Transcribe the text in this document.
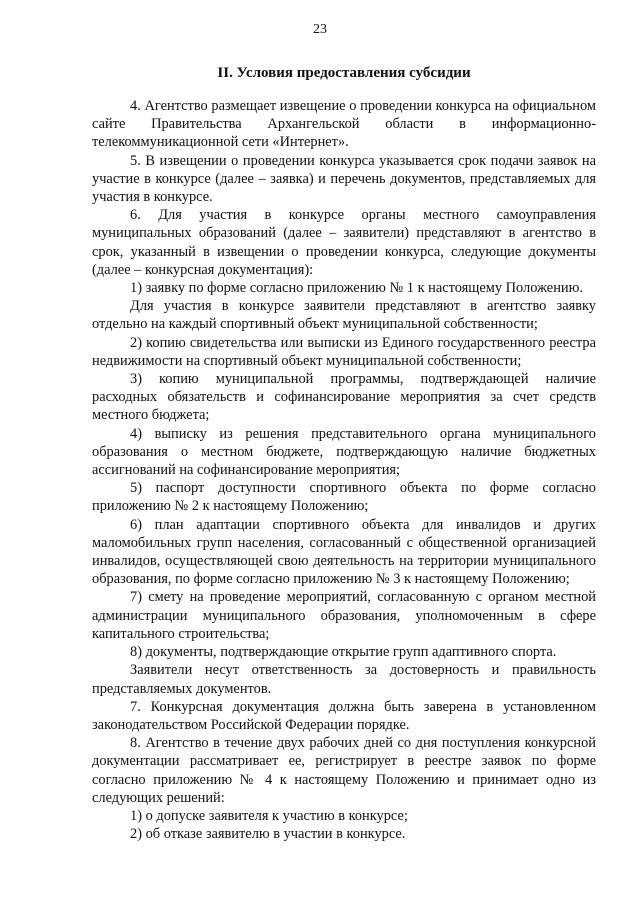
23
II. Условия предоставления субсидии

4. Агентство размещает извещение о проведении конкурса на официальном сайте Правительства Архангельской области в информационно-телекоммуникационной сети «Интернет».

5. В извещении о проведении конкурса указывается срок подачи заявок на участие в конкурсе (далее – заявка) и перечень документов, представляемых для участия в конкурсе.

6. Для участия в конкурсе органы местного самоуправления муниципальных образований (далее – заявители) представляют в агентство в срок, указанный в извещении о проведении конкурса, следующие документы (далее – конкурсная документация):

1) заявку по форме согласно приложению № 1 к настоящему Положению.

Для участия в конкурсе заявители представляют в агентство заявку отдельно на каждый спортивный объект муниципальной собственности;

2) копию свидетельства или выписки из Единого государственного реестра недвижимости на спортивный объект муниципальной собственности;

3) копию муниципальной программы, подтверждающей наличие расходных обязательств и софинансирование мероприятия за счет средств местного бюджета;

4) выписку из решения представительного органа муниципального образования о местном бюджете, подтверждающую наличие бюджетных ассигнований на софинансирование мероприятия;

5) паспорт доступности спортивного объекта по форме согласно приложению № 2 к настоящему Положению;

6) план адаптации спортивного объекта для инвалидов и других маломобильных групп населения, согласованный с общественной организацией инвалидов, осуществляющей свою деятельность на территории муниципального образования, по форме согласно приложению № 3 к настоящему Положению;

7) смету на проведение мероприятий, согласованную с органом местной администрации муниципального образования, уполномоченным в сфере капитального строительства;

8) документы, подтверждающие открытие групп адаптивного спорта.

Заявители несут ответственность за достоверность и правильность представляемых документов.

7. Конкурсная документация должна быть заверена в установленном законодательством Российской Федерации порядке.

8. Агентство в течение двух рабочих дней со дня поступления конкурсной документации рассматривает ее, регистрирует в реестре заявок по форме согласно приложению № 4 к настоящему Положению и принимает одно из следующих решений:

1) о допуске заявителя к участию в конкурсе;

2) об отказе заявителю в участии в конкурсе.
